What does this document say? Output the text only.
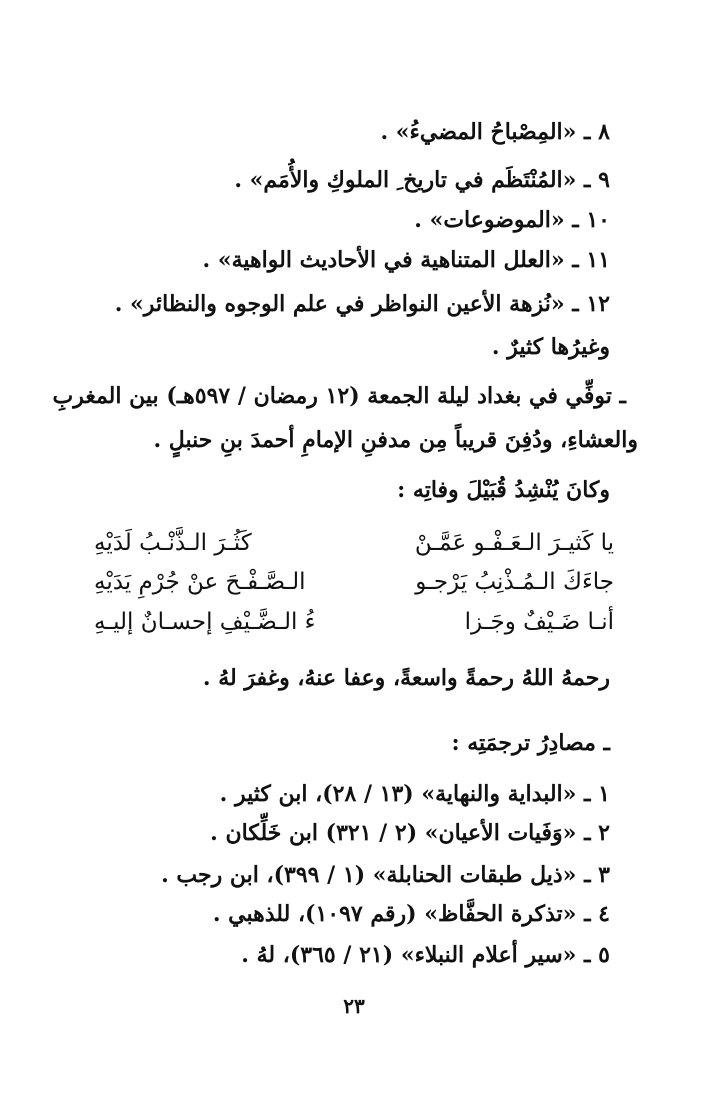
٨ ـ «المِصْباحُ المضيءُ» .
٩ ـ «المُنْتَظَم في تاريخ ِ الملوكِ والأُمَم» .
١٠ ـ «الموضوعات» .
١١ ـ «العلل المتناهية في الأحاديث الواهية» .
١٢ ـ «نُزهة الأعين النواظر في علم الوجوه والنظائر» .
وغيرُها كثيرٌ .
ـ توفِّي في بغداد ليلة الجمعة (١٢ رمضان / ٥٩٧هـ) بين المغربِ
والعشاءِ، ودُفِنَ قريباً مِن مدفنِ الإمامِ أحمدَ بنِ حنبلٍ .
وكانَ يُنْشِدُ قُبَيْلَ وفاتِه :
يا كَثيـرَ الـعَـفْـو عَمَّـنْ
كَثُـرَ الـذَّنْـبُ لَدَيْهِ
جاءَكَ الـمُـذْنِبُ يَرْجـو
الـصَّـفْـحَ عنْ جُرْمِ يَدَيْهِ
أنـا ضَـيْفٌ وجَـزا
ءُ الـضَّـيْفِ إحسـانٌ إليـهِ
رحمهُ اللهُ رحمةً واسعةً، وعفا عنهُ، وغفرَ لهُ .
ـ مصادِرُ ترجمَتِه :
١ ـ «البداية والنهاية» (١٣ / ٢٨)، ابن كثير .
٢ ـ «وَفَيات الأعيان» (٢ / ٣٢١) ابن خَلِّكان .
٣ ـ «ذيل طبقات الحنابلة» (١ / ٣٩٩)، ابن رجب .
٤ ـ «تذكرة الحفَّاظ» (رقم ١٠٩٧)، للذهبي .
٥ ـ «سير أعلام النبلاء» (٢١ / ٣٦٥)، لهُ .
٢٣
